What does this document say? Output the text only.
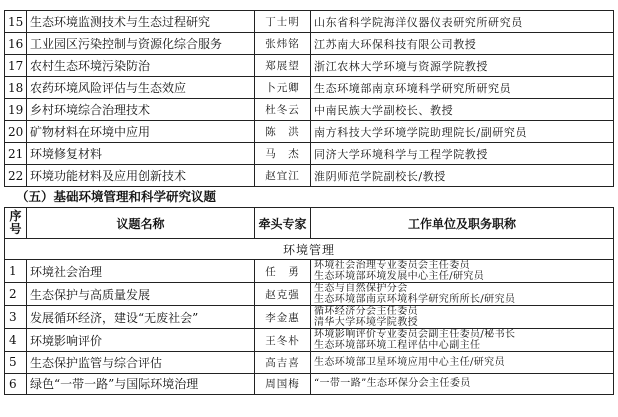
15	生态环境监测技术与生态过程研究	丁士明	山东省科学院海洋仪器仪表研究所研究员
16	工业园区污染控制与资源化综合服务	张炜铭	江苏南大环保科技有限公司教授
17	农村生态环境污染防治	郑展望	浙江农林大学环境与资源学院教授
18	农药环境风险评估与生态效应	卜元卿	生态环境部南京环境科学研究所研究员
19	乡村环境综合治理技术	杜冬云	中南民族大学副校长、教授
20	矿物材料在环境中应用	陈　洪	南方科技大学环境学院助理院长/副研究员
21	环境修复材料	马　杰	同济大学环境科学与工程学院教授
22	环境功能材料及应用创新技术	赵宜江	淮阴师范学院副校长/教授
（五）基础环境管理和科学研究议题
序号	议题名称	牵头专家	工作单位及职务职称
环境管理			
1	环境社会治理	任　勇	环境社会治理专业委员会主任委员
生态环境部环境发展中心主任/研究员

2	生态保护与高质量发展	赵克强	生态与自然保护分会
生态环境部南京环境科学研究所所长/研究员

3	发展循环经济，建设“无废社会”	李金惠	循环经济分会主任委员
清华大学环境学院教授

4	环境影响评价	王冬朴	环境影响评价专业委员会副主任委员/秘书长
生态环境部环境工程评估中心副主任

5	生态保护监管与综合评估	高吉喜	生态环境部卫星环境应用中心主任/研究员

6	绿色“一带一路”与国际环境治理	周国梅	“一带一路”生态环保分会主任委员
